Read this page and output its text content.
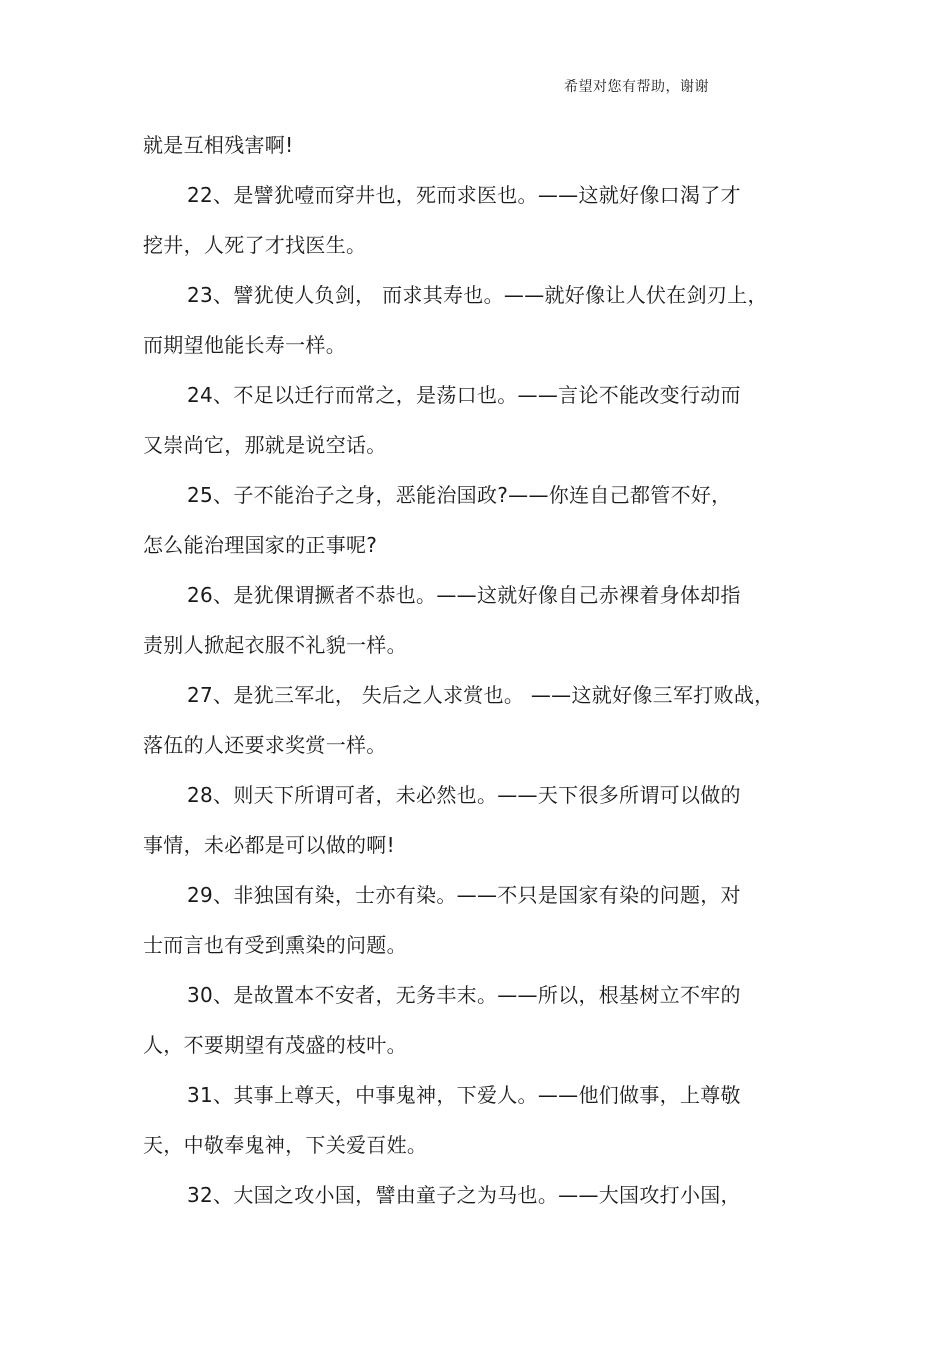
希望对您有帮助，谢谢
就是互相残害啊!
22、是譬犹噎而穿井也，死而求医也。——这就好像口渴了才
挖井，人死了才找医生。
23、譬犹使人负剑， 而求其寿也。——就好像让人伏在剑刃上，
而期望他能长寿一样。
24、不足以迁行而常之，是荡口也。——言论不能改变行动而
又崇尚它，那就是说空话。
25、子不能治子之身，恶能治国政?——你连自己都管不好，
怎么能治理国家的正事呢?
26、是犹倮谓撅者不恭也。——这就好像自己赤裸着身体却指
责别人掀起衣服不礼貌一样。
27、是犹三军北， 失后之人求赏也。 ——这就好像三军打败战，
落伍的人还要求奖赏一样。
28、则天下所谓可者，未必然也。——天下很多所谓可以做的
事情，未必都是可以做的啊!
29、非独国有染，士亦有染。——不只是国家有染的问题，对
士而言也有受到熏染的问题。
30、是故置本不安者，无务丰末。——所以，根基树立不牢的
人，不要期望有茂盛的枝叶。
31、其事上尊天，中事鬼神，下爱人。——他们做事，上尊敬
天，中敬奉鬼神，下关爱百姓。
32、大国之攻小国，譬由童子之为马也。——大国攻打小国，
